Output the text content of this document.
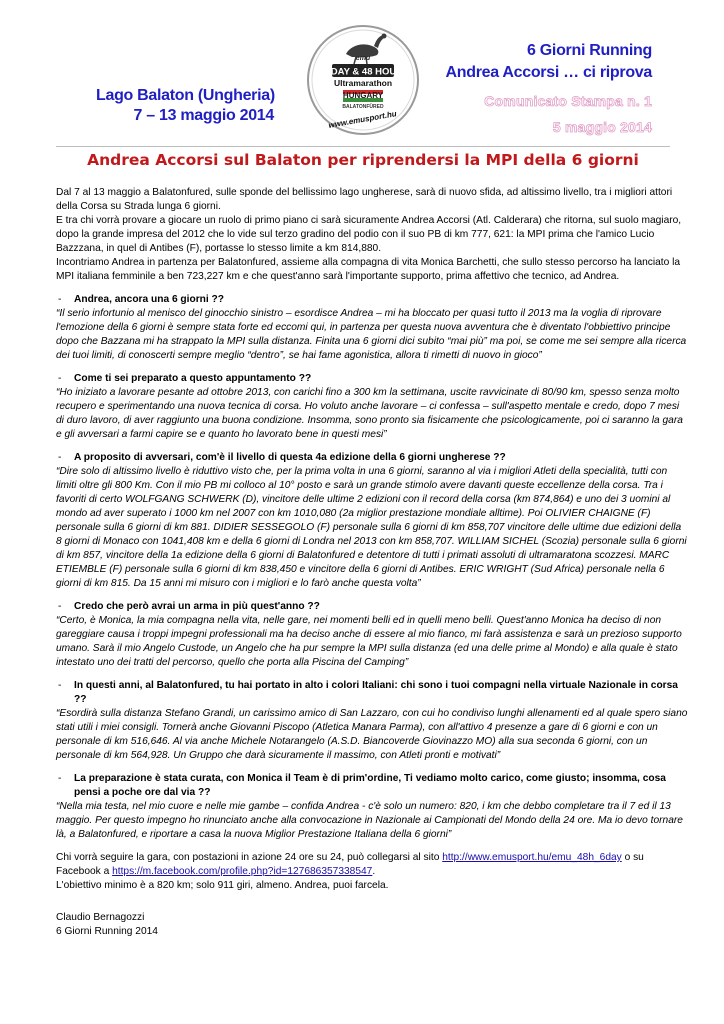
Lago Balaton (Ungheria)
7 – 13 maggio 2014
emu
6 DAY & 48 HOUR
Ultramarathon
HUNGARY
BALATONFÜRED
www.emusport.hu
6 Giorni Running
Andrea Accorsi … ci riprova
Comunicato Stampa n. 1
5 maggio 2014
Andrea Accorsi sul Balaton per riprendersi la MPI della 6 giorni

Dal 7 al 13 maggio a Balatonfured, sulle sponde del bellissimo lago ungherese, sarà di nuovo sfida, ad altissimo livello, tra i migliori attori della Corsa su Strada lunga 6 giorni.

E tra chi vorrà provare a giocare un ruolo di primo piano ci sarà sicuramente Andrea Accorsi (Atl. Calderara) che ritorna, sul suolo magiaro, dopo la grande impresa del 2012 che lo vide sul terzo gradino del podio con il suo PB di km 777, 621: la MPI prima che l'amico Lucio Bazzzana, in quel di Antibes (F), portasse lo stesso limite a km 814,880.

Incontriamo Andrea in partenza per Balatonfured, assieme alla compagna di vita Monica Barchetti, che sullo stesso percorso ha lanciato la MPI italiana femminile a ben 723,227 km e che quest'anno sarà l'importante supporto, prima affettivo che tecnico, ad Andrea.

-	Andrea, ancora una 6 giorni ??

“Il serio infortunio al menisco del ginocchio sinistro – esordisce Andrea – mi ha bloccato per quasi tutto il 2013 ma la voglia di riprovare l'emozione della 6 giorni è sempre stata forte ed eccomi qui, in partenza per questa nuova avventura che è diventato l'obbiettivo principe dopo che Bazzana mi ha strappato la MPI sulla distanza. Finita una 6 giorni dici subito “mai più” ma poi, se come me sei sempre alla ricerca dei tuoi limiti, di conoscerti sempre meglio “dentro”, se hai fame agonistica, allora ti rimetti di nuovo in gioco”

-	Come ti sei preparato a questo appuntamento ??

“Ho iniziato a lavorare pesante ad ottobre 2013, con carichi fino a 300 km la settimana, uscite ravvicinate di 80/90 km, spesso senza molto recupero e sperimentando una nuova tecnica di corsa. Ho voluto anche lavorare – ci confessa – sull'aspetto mentale e credo, dopo 7 mesi di duro lavoro, di aver raggiunto una buona condizione. Insomma, sono pronto sia fisicamente che psicologicamente, poi ci saranno la gara e gli avversari a farmi capire se e quanto ho lavorato bene in questi mesi”

-	A proposito di avversari, com'è il livello di questa 4a edizione della 6 giorni ungherese ??

“Dire solo di altissimo livello è riduttivo visto che, per la prima volta in una 6 giorni, saranno al via i migliori Atleti della specialità, tutti con limiti oltre gli 800 Km. Con il mio PB mi colloco al 10° posto e sarà un grande stimolo avere davanti queste eccellenze della corsa. Tra i favoriti di certo WOLFGANG SCHWERK (D), vincitore delle ultime 2 edizioni con il record della corsa (km 874,864) e uno dei 3 uomini al mondo ad aver superato i 1000 km nel 2007 con km 1010,080 (2a miglior prestazione mondiale alltime). Poi OLIVIER CHAIGNE (F) personale sulla 6 giorni di km 881. DIDIER SESSEGOLO (F) personale sulla 6 giorni di km 858,707 vincitore delle ultime due edizioni della 8 giorni di Monaco con 1041,408 km e della 6 giorni di Londra nel 2013 con km 858,707. WILLIAM SICHEL (Scozia) personale sulla 6 giorni di km 857, vincitore della 1a edizione della 6 giorni di Balatonfured e detentore di tutti i primati assoluti di ultramaratona scozzesi. MARC ETIEMBLE (F) personale sulla 6 giorni di km 838,450 e vincitore della 6 giorni di Antibes. ERIC WRIGHT (Sud Africa) personale nella 6 giorni di km 815. Da 15 anni mi misuro con i migliori e lo farò anche questa volta”

-	Credo che però avrai un arma in più quest'anno ??

“Certo, è Monica, la mia compagna nella vita, nelle gare, nei momenti belli ed in quelli meno belli. Quest'anno Monica ha deciso di non gareggiare causa i troppi impegni professionali ma ha deciso anche di essere al mio fianco, mi farà assistenza e sarà un prezioso supporto umano. Sarà il mio Angelo Custode, un Angelo che ha pur sempre la MPI sulla distanza (ed una delle prime al Mondo) e alla quale è stato intestato uno dei tratti del percorso, quello che porta alla Piscina del Camping”

-	In questi anni, al Balatonfured, tu hai portato in alto i colori Italiani: chi sono i tuoi compagni nella virtuale Nazionale in corsa ??

“Esordirà sulla distanza Stefano Grandi, un carissimo amico di San Lazzaro, con cui ho condiviso lunghi allenamenti ed al quale spero siano stati utili i miei consigli. Tornerà anche Giovanni Piscopo (Atletica Manara Parma), con all'attivo 4 presenze a gare di 6 giorni e con un personale di km 516,646. Al via anche Michele Notarangelo (A.S.D. Biancoverde Giovinazzo MO) alla sua seconda 6 giorni, con un personale di km 564,928. Un Gruppo che darà sicuramente il massimo, con Atleti pronti e motivati”

-	La preparazione è stata curata, con Monica il Team è di prim'ordine, Ti vediamo molto carico, come giusto; insomma, cosa pensi a poche ore dal via ??

“Nella mia testa, nel mio cuore e nelle mie gambe – confida Andrea - c'è solo un numero: 820, i km che debbo completare tra il 7 ed il 13 maggio. Per questo impegno ho rinunciato anche alla convocazione in Nazionale ai Campionati del Mondo della 24 ore. Ma io devo tornare là, a Balatonfured, e riportare a casa la nuova Miglior Prestazione Italiana della 6 giorni”

Chi vorrà seguire la gara, con postazioni in azione 24 ore su 24, può collegarsi al sito http://www.emusport.hu/emu_48h_6day o su Facebook a https://m.facebook.com/profile.php?id=127686357338547.

L'obiettivo minimo è a 820 km; solo 911 giri, almeno. Andrea, puoi farcela.

Claudio Bernagozzi

6 Giorni Running 2014
